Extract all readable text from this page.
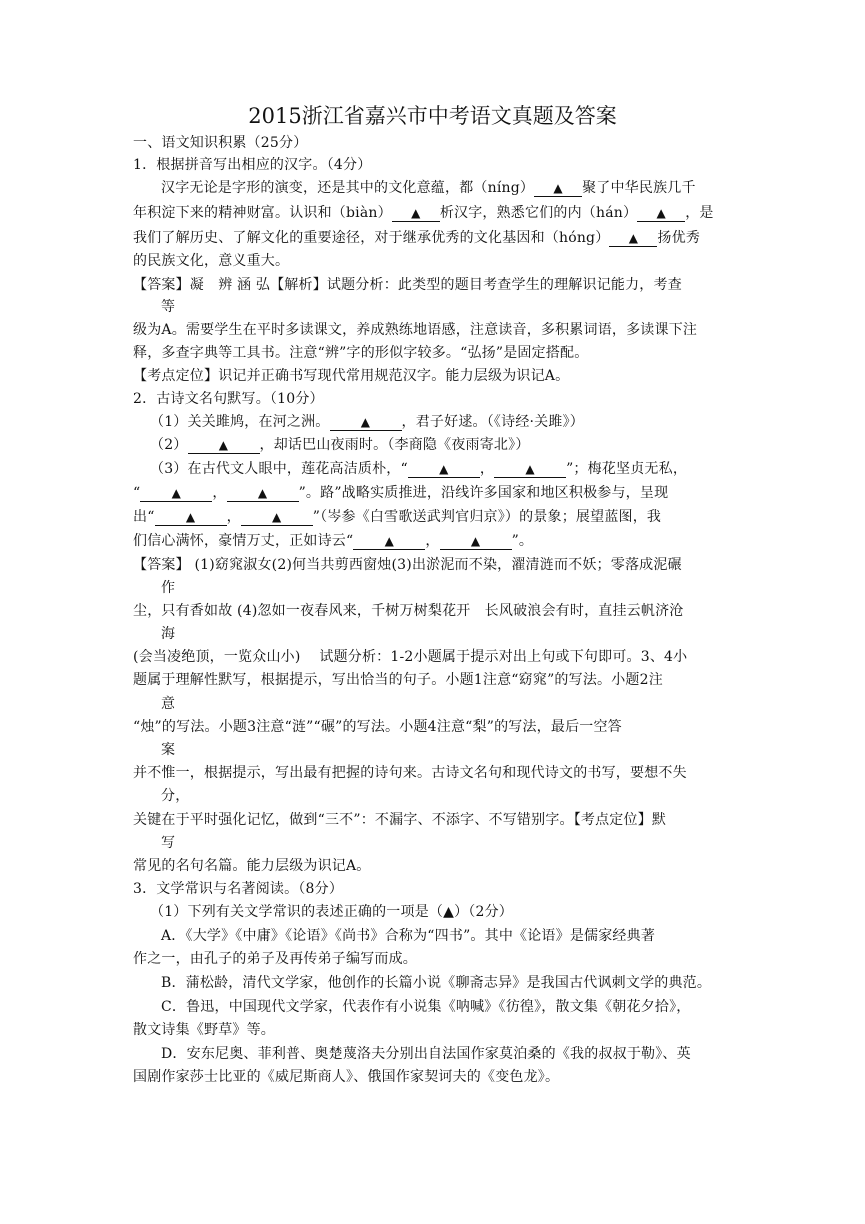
2015浙江省嘉兴市中考语文真题及答案
一、语文知识积累（25分）
1．根据拼音写出相应的汉字。（4分）
汉字无论是字形的演变，还是其中的文化意蕴，都（níng） ▲ 聚了中华民族几千
年积淀下来的精神财富。认识和（biàn） ▲ 析汉字，熟悉它们的内（hán） ▲ ，是
我们了解历史、了解文化的重要途径，对于继承优秀的文化基因和（hóng） ▲ 扬优秀
的民族文化，意义重大。
【答案】凝　辨 涵 弘【解析】试题分析：此类型的题目考查学生的理解识记能力，考查
等
级为A。需要学生在平时多读课文，养成熟练地语感，注意读音，多积累词语，多读课下注
释，多查字典等工具书。注意“辨”字的形似字较多。“弘扬”是固定搭配。
【考点定位】识记并正确书写现代常用规范汉字。能力层级为识记A。
2．古诗文名句默写。（10分）
（1）关关雎鸠，在河之洲。	▲ ，君子好逑。（《诗经·关雎》）
（2）	▲ ，却话巴山夜雨时。（李商隐《夜雨寄北》）
（3）在古代文人眼中，莲花高洁质朴，“	▲ ，	▲ ”；梅花坚贞无私，
“	▲ ，	▲ ”。路”战略实质推进，沿线许多国家和地区积极参与，呈现
出“	▲ ，	▲ ”（岑参《白雪歌送武判官归京》）的景象；展望蓝图，我
们信心满怀，豪情万丈，正如诗云“	▲ ，	▲ ”。
【答案】 (1)窈窕淑女(2)何当共剪西窗烛(3)出淤泥而不染，濯清涟而不妖；零落成泥碾
作
尘，只有香如故 (4)忽如一夜春风来，千树万树梨花开　长风破浪会有时，直挂云帆济沧
海
(会当凌绝顶，一览众山小)　 试题分析：1-2小题属于提示对出上句或下句即可。3、4小
题属于理解性默写，根据提示，写出恰当的句子。小题1注意“窈窕”的写法。小题2注
意
“烛”的写法。小题3注意“涟”“碾”的写法。小题4注意“梨”的写法，最后一空答
案
并不惟一，根据提示，写出最有把握的诗句来。古诗文名句和现代诗文的书写，要想不失
分，
关键在于平时强化记忆，做到“三不”：不漏字、不添字、不写错别字。【考点定位】默
写
常见的名句名篇。能力层级为识记A。
3．文学常识与名著阅读。（8分）
（1）下列有关文学常识的表述正确的一项是（▲）（2分）
A．《大学》《中庸》《论语》《尚书》合称为“四书”。其中《论语》是儒家经典著
作之一，由孔子的弟子及再传弟子编写而成。
B．蒲松龄，清代文学家，他创作的长篇小说《聊斋志异》是我国古代讽刺文学的典范。
C．鲁迅，中国现代文学家，代表作有小说集《呐喊》《彷徨》，散文集《朝花夕拾》，
散文诗集《野草》等。
D．安东尼奥、菲利普、奥楚蔑洛夫分别出自法国作家莫泊桑的《我的叔叔于勒》、英
国剧作家莎士比亚的《威尼斯商人》、俄国作家契诃夫的《变色龙》。
